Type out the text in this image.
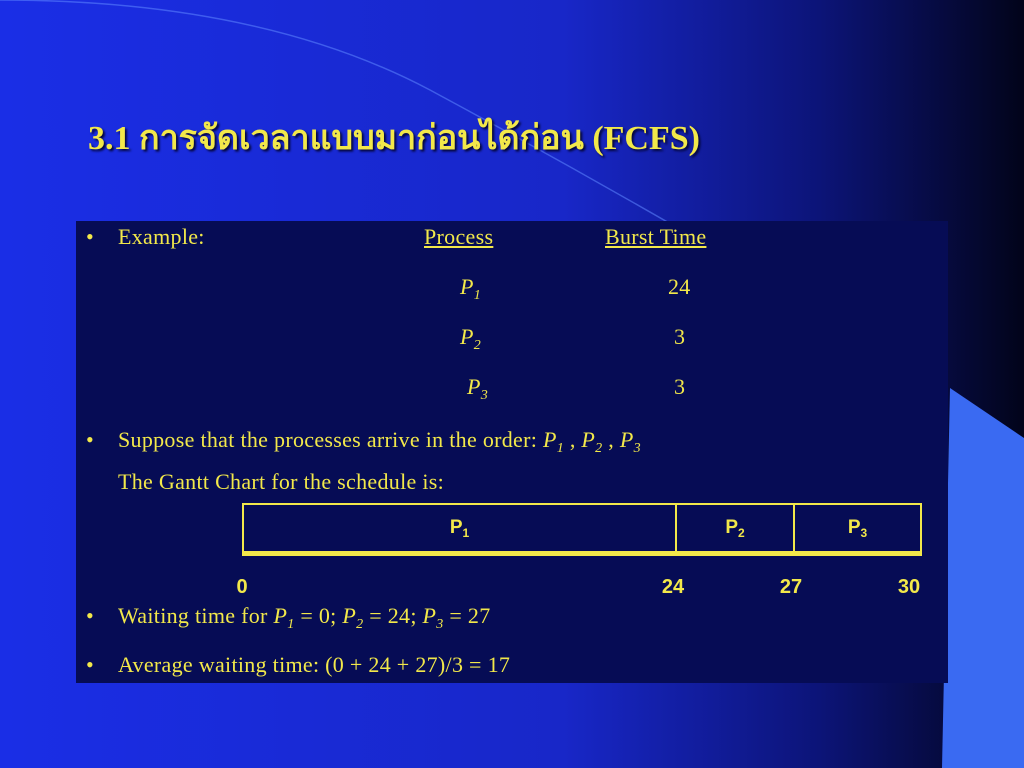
3.1 การจัดเวลาแบบมาก่อนได้ก่อน (FCFS)
• Example:	Process	Burst Time
$P_1$	24
$P_2$	3
$P_3$	3
• Suppose that the processes arrive in the order: $P_1$ , $P_2$ , $P_3$
The Gantt Chart for the schedule is:
P 1	P 2	P 3
0	24	27	30
• Waiting time for $P_1 = 0$; $P_2 = 24$; $P_3 = 27$
• Average waiting time: (0 + 24 + 27)/3 = 17
